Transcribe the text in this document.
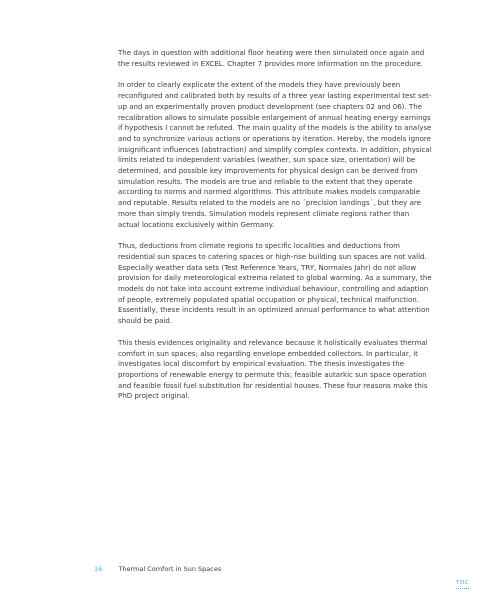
The days in question with additional floor heating were then simulated once again and the results reviewed in EXCEL. Chapter 7 provides more information on the procedure.

In order to clearly explicate the extent of the models they have previously been reconfigured and calibrated both by results of a three year lasting experimental test set-up and an experimentally proven product development (see chapters 02 and 06). The recalibration allows to simulate possible enlargement of annual heating energy earnings if hypothesis I cannot be refuted. The main quality of the models is the ability to analyse and to synchronize various actions or operations by iteration. Hereby, the models ignore insignificant influences (abstraction) and simplify complex contexts. In addition, physical limits related to independent variables (weather, sun space size, orientation) will be determined, and possible key improvements for physical design can be derived from simulation results. The models are true and reliable to the extent that they operate according to norms and normed algorithms. This attribute makes models comparable and reputable. Results related to the models are no ´precision landings´, but they are more than simply trends. Simulation models represent climate regions rather than actual locations exclusively within Germany.

Thus, deductions from climate regions to specific localities and deductions from residential sun spaces to catering spaces or high-rise building sun spaces are not valid. Especially weather data sets (Test Reference Years, TRY, Normales Jahr) do not allow provision for daily meteorological extrema related to global warming. As a summary, the models do not take into account extreme individual behaviour, controlling and adaption of people, extremely populated spatial occupation or physical, technical malfunction. Essentially, these incidents result in an optimized annual performance to what attention should be paid.

This thesis evidences originality and relevance because it holistically evaluates thermal comfort in sun spaces; also regarding envelope embedded collectors. In particular, it investigates local discomfort by empirical evaluation. The thesis investigates the proportions of renewable energy to permute this; feasible autarkic sun space operation and feasible fossil fuel substitution for residential houses. These four reasons make this PhD project original.

16 Thermal Comfort in Sun Spaces
TOC
